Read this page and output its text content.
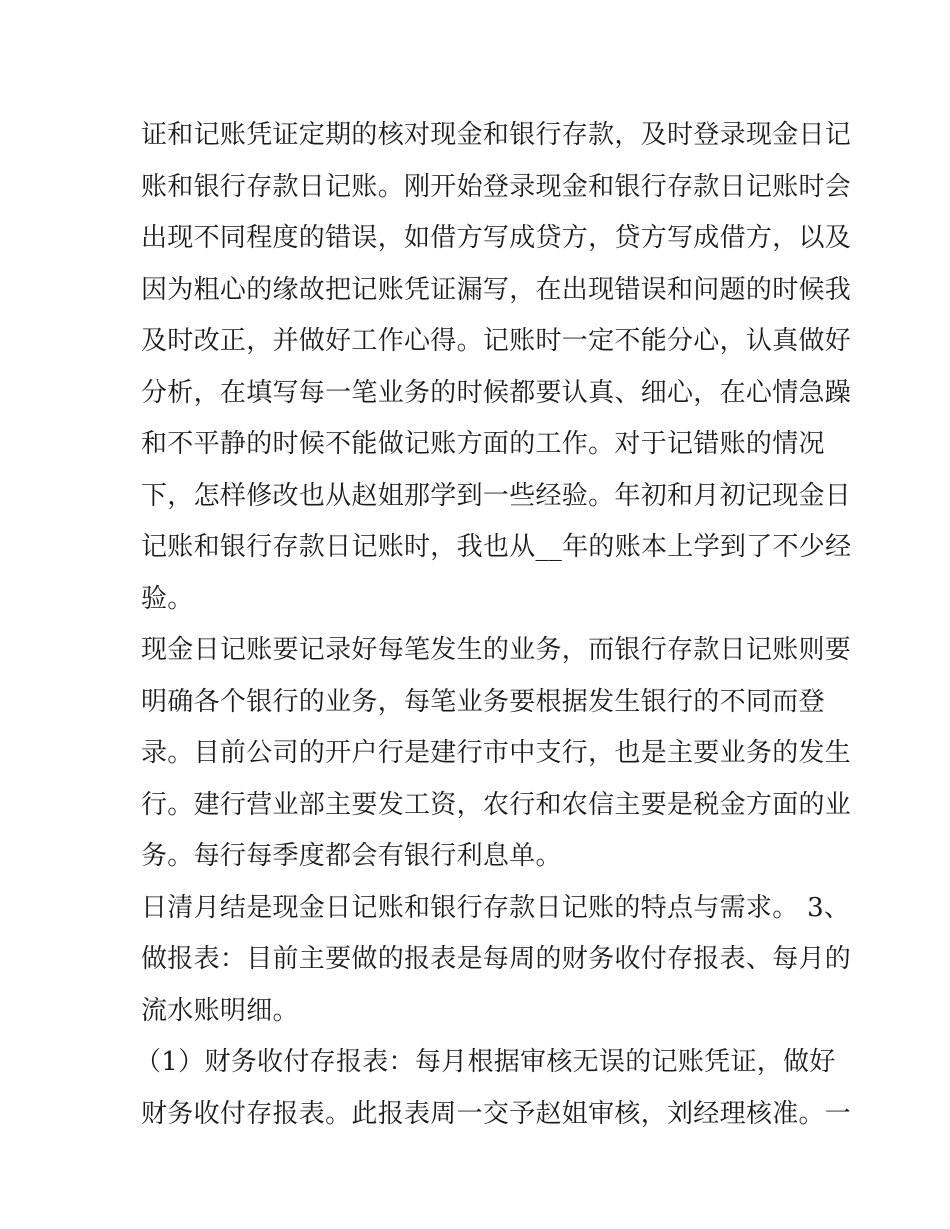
证和记账凭证定期的核对现金和银行存款，及时登录现金日记
账和银行存款日记账。刚开始登录现金和银行存款日记账时会
出现不同程度的错误，如借方写成贷方，贷方写成借方，以及
因为粗心的缘故把记账凭证漏写，在出现错误和问题的时候我
及时改正，并做好工作心得。记账时一定不能分心，认真做好
分析，在填写每一笔业务的时候都要认真、细心，在心情急躁
和不平静的时候不能做记账方面的工作。对于记错账的情况
下，怎样修改也从赵姐那学到一些经验。年初和月初记现金日
记账和银行存款日记账时，我也从__年的账本上学到了不少经
验。
现金日记账要记录好每笔发生的业务，而银行存款日记账则要
明确各个银行的业务，每笔业务要根据发生银行的不同而登
录。目前公司的开户行是建行市中支行，也是主要业务的发生
行。建行营业部主要发工资，农行和农信主要是税金方面的业
务。每行每季度都会有银行利息单。
日清月结是现金日记账和银行存款日记账的特点与需求。 3、
做报表：目前主要做的报表是每周的财务收付存报表、每月的
流水账明细。
（1）财务收付存报表：每月根据审核无误的记账凭证，做好
财务收付存报表。此报表周一交予赵姐审核，刘经理核准。一
